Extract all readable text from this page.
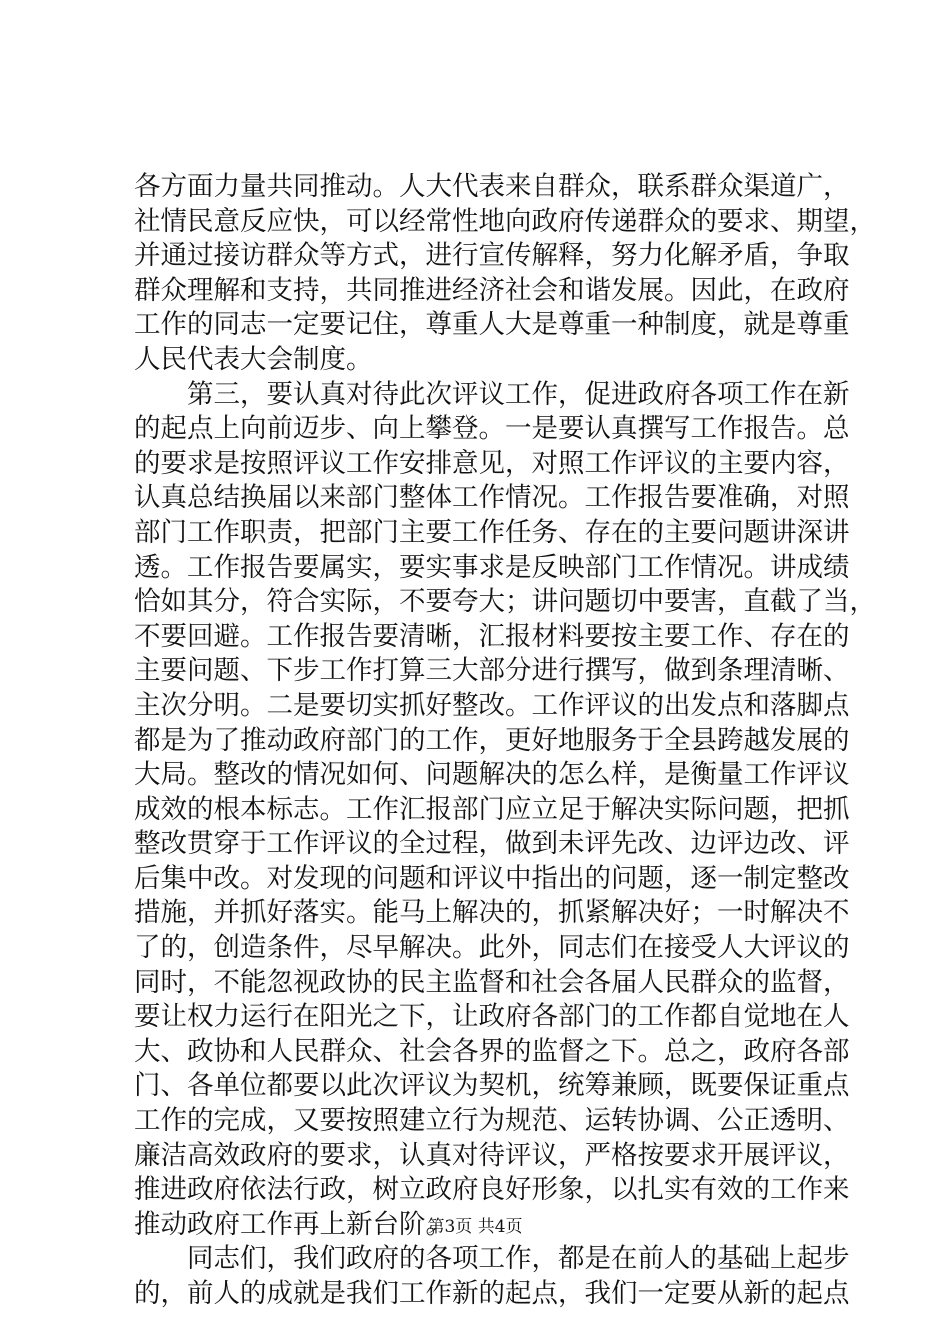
各方面力量共同推动。人大代表来自群众，联系群众渠道广，
社情民意反应快，可以经常性地向政府传递群众的要求、期望，
并通过接访群众等方式，进行宣传解释，努力化解矛盾，争取
群众理解和支持，共同推进经济社会和谐发展。因此，在政府
工作的同志一定要记住，尊重人大是尊重一种制度，就是尊重
人民代表大会制度。
第三，要认真对待此次评议工作，促进政府各项工作在新
的起点上向前迈步、向上攀登。一是要认真撰写工作报告。总
的要求是按照评议工作安排意见，对照工作评议的主要内容，
认真总结换届以来部门整体工作情况。工作报告要准确，对照
部门工作职责，把部门主要工作任务、存在的主要问题讲深讲
透。工作报告要属实，要实事求是反映部门工作情况。讲成绩
恰如其分，符合实际，不要夸大；讲问题切中要害，直截了当，
不要回避。工作报告要清晰，汇报材料要按主要工作、存在的
主要问题、下步工作打算三大部分进行撰写，做到条理清晰、
主次分明。二是要切实抓好整改。工作评议的出发点和落脚点
都是为了推动政府部门的工作，更好地服务于全县跨越发展的
大局。整改的情况如何、问题解决的怎么样，是衡量工作评议
成效的根本标志。工作汇报部门应立足于解决实际问题，把抓
整改贯穿于工作评议的全过程，做到未评先改、边评边改、评
后集中改。对发现的问题和评议中指出的问题，逐一制定整改
措施，并抓好落实。能马上解决的，抓紧解决好；一时解决不
了的，创造条件，尽早解决。此外，同志们在接受人大评议的
同时，不能忽视政协的民主监督和社会各届人民群众的监督，
要让权力运行在阳光之下，让政府各部门的工作都自觉地在人
大、政协和人民群众、社会各界的监督之下。总之，政府各部
门、各单位都要以此次评议为契机，统筹兼顾，既要保证重点
工作的完成，又要按照建立行为规范、运转协调、公正透明、
廉洁高效政府的要求，认真对待评议，严格按要求开展评议，
推进政府依法行政，树立政府良好形象，以扎实有效的工作来
推动政府工作再上新台阶。
同志们，我们政府的各项工作，都是在前人的基础上起步
的，前人的成就是我们工作新的起点，我们一定要从新的起点
第3页 共4页
